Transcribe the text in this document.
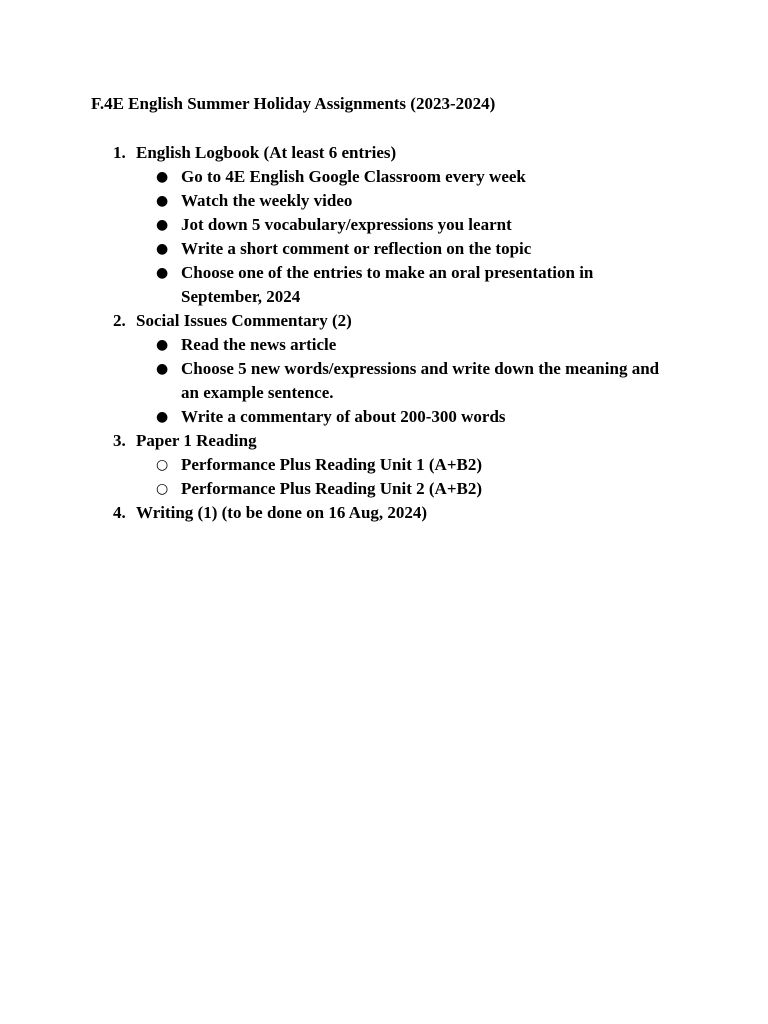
F.4E English Summer Holiday Assignments (2023-2024)
1. English Logbook (At least 6 entries)
● Go to 4E English Google Classroom every week
● Watch the weekly video
● Jot down 5 vocabulary/expressions you learnt
● Write a short comment or reflection on the topic
● Choose one of the entries to make an oral presentation in
September, 2024
2. Social Issues Commentary (2)
● Read the news article
● Choose 5 new words/expressions and write down the meaning and
an example sentence.
● Write a commentary of about 200-300 words
3. Paper 1 Reading
○ Performance Plus Reading Unit 1 (A+B2)
○ Performance Plus Reading Unit 2 (A+B2)
4. Writing (1) (to be done on 16 Aug, 2024)
